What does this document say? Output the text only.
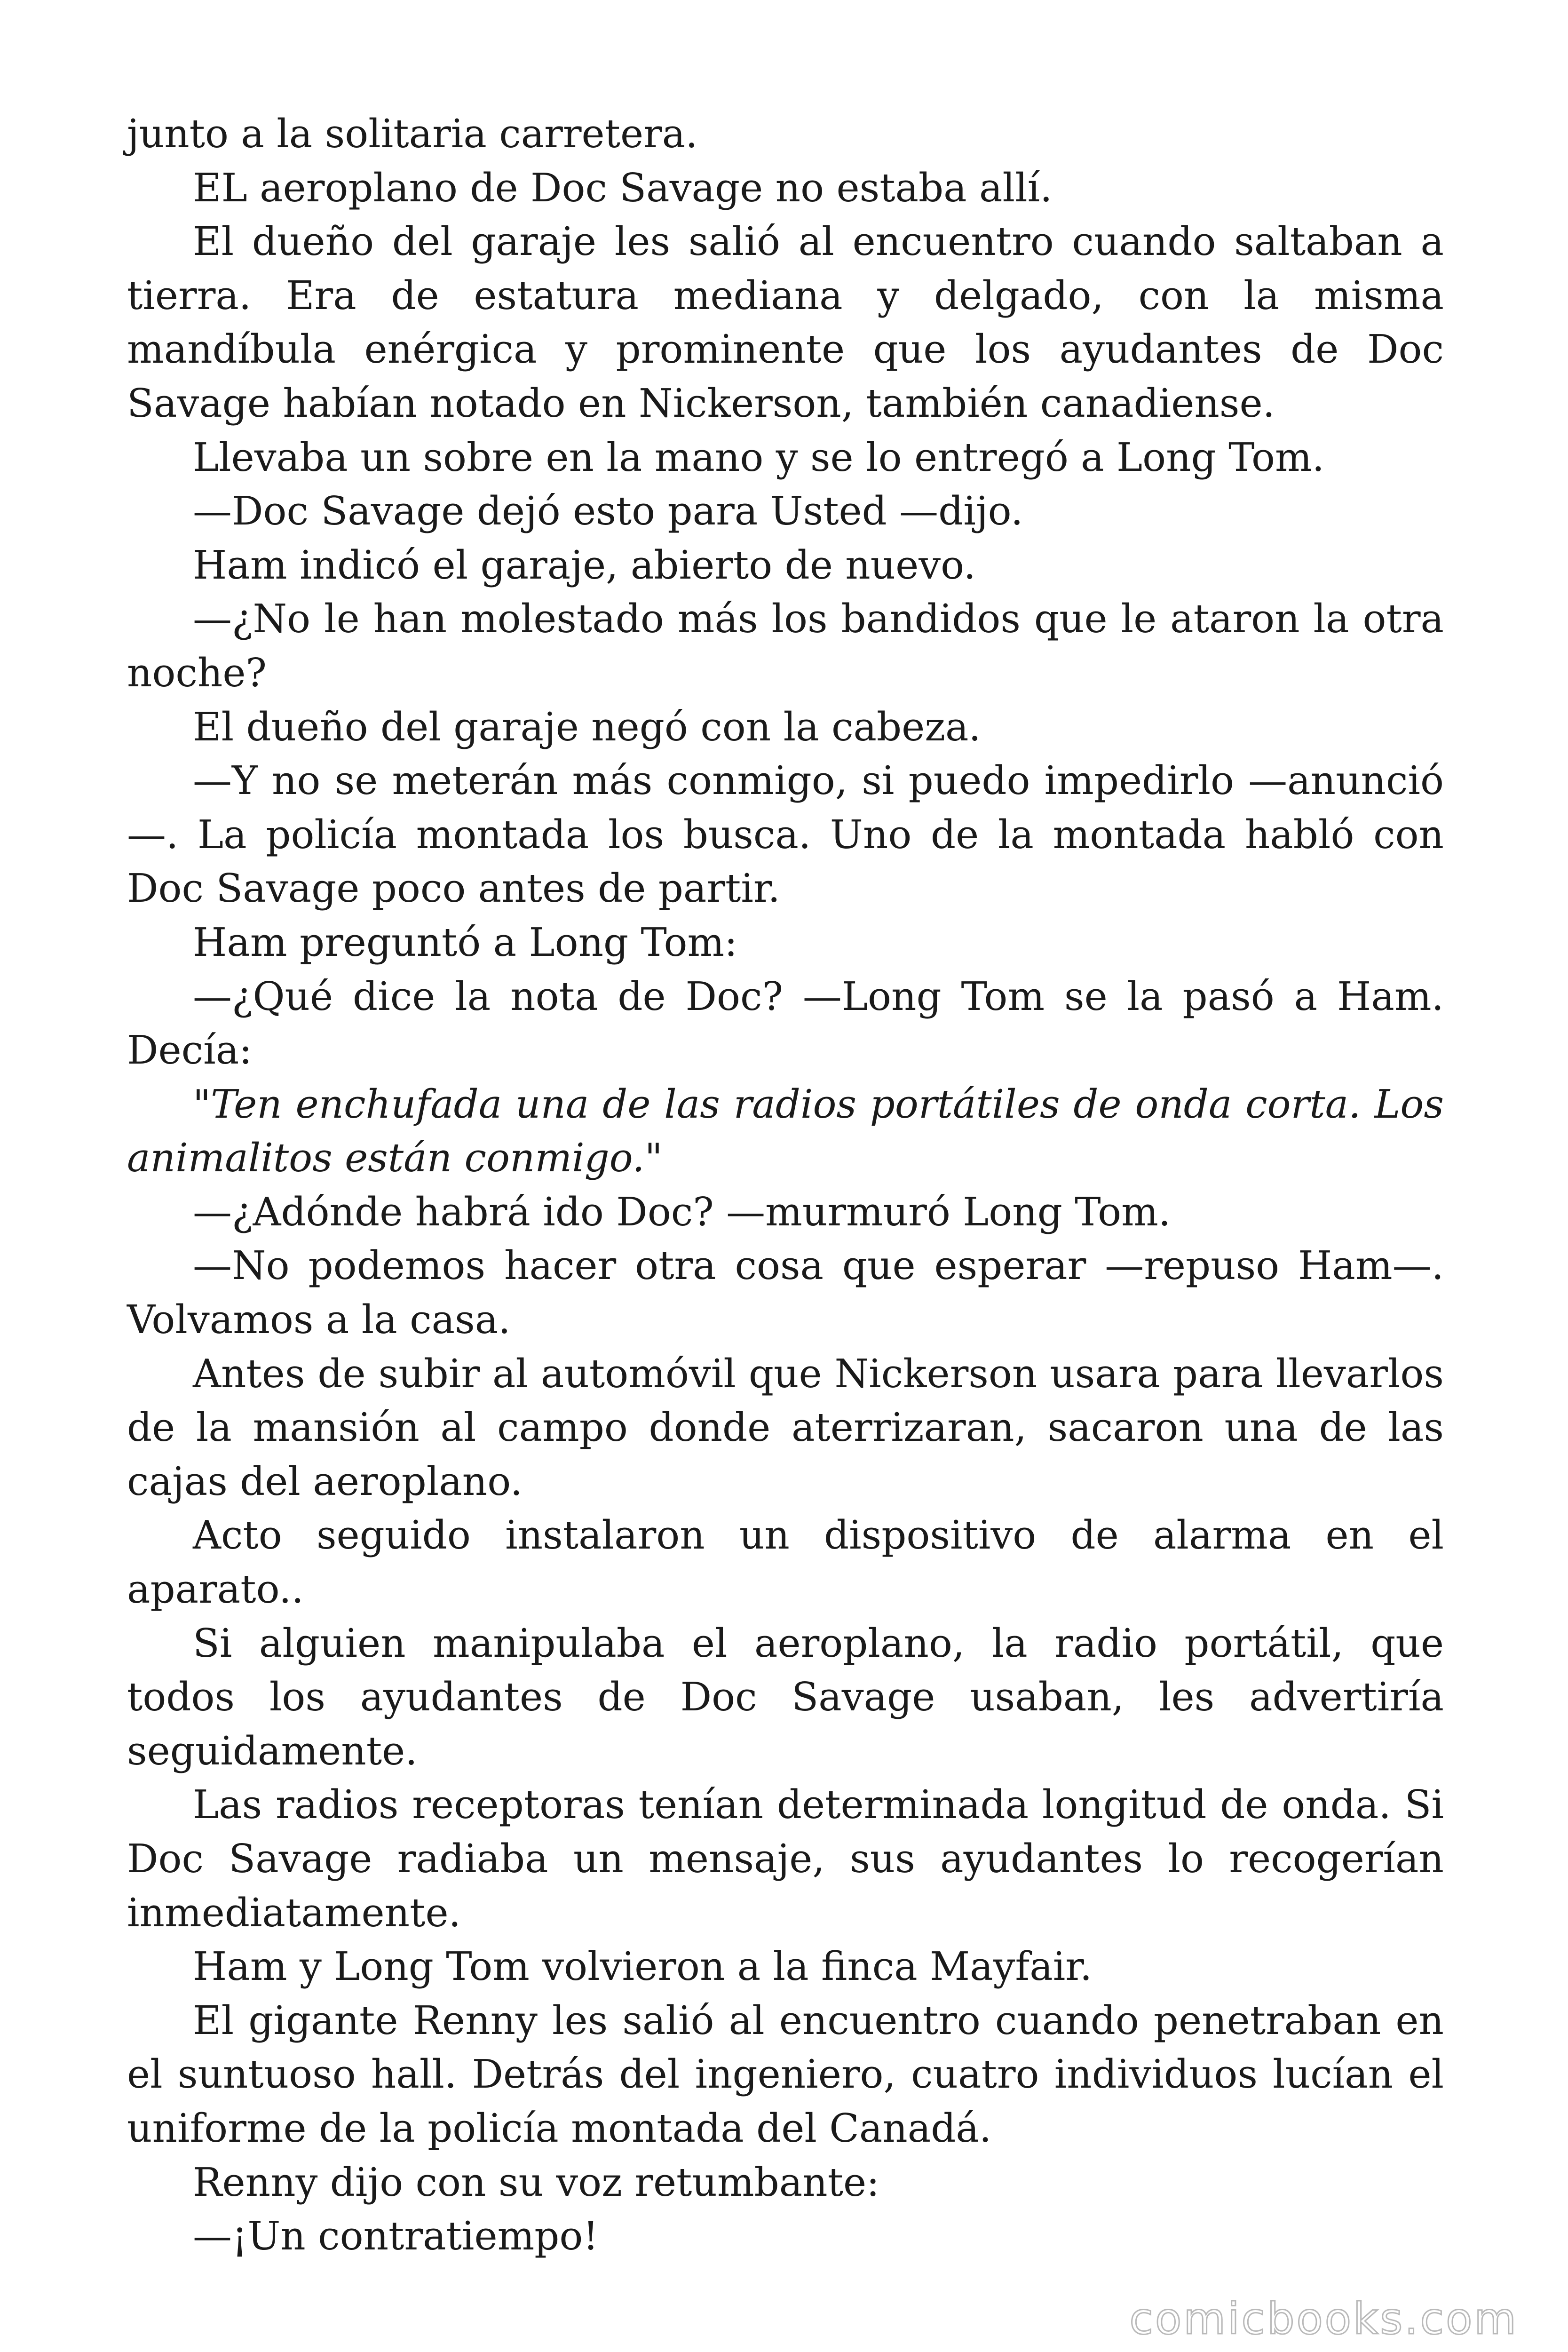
junto a la solitaria carretera.

EL aeroplano de Doc Savage no estaba allí.

El dueño del garaje les salió al encuentro cuando saltaban a tierra. Era de estatura mediana y delgado, con la misma mandíbula enérgica y prominente que los ayudantes de Doc Savage habían notado en Nickerson, también canadiense.

Llevaba un sobre en la mano y se lo entregó a Long Tom.

—Doc Savage dejó esto para Usted —dijo.

Ham indicó el garaje, abierto de nuevo.

—¿No le han molestado más los bandidos que le ataron la otra noche?

El dueño del garaje negó con la cabeza.

—Y no se meterán más conmigo, si puedo impedirlo —anunció —. La policía montada los busca. Uno de la montada habló con Doc Savage poco antes de partir.

Ham preguntó a Long Tom:

—¿Qué dice la nota de Doc? —Long Tom se la pasó a Ham. Decía:

"Ten enchufada una de las radios portátiles de onda corta. Los animalitos están conmigo."

—¿Adónde habrá ido Doc? —murmuró Long Tom.

—No podemos hacer otra cosa que esperar —repuso Ham—. Volvamos a la casa.

Antes de subir al automóvil que Nickerson usara para llevarlos de la mansión al campo donde aterrizaran, sacaron una de las cajas del aeroplano.

Acto seguido instalaron un dispositivo de alarma en el aparato..

Si alguien manipulaba el aeroplano, la radio portátil, que todos los ayudantes de Doc Savage usaban, les advertiría seguidamente.

Las radios receptoras tenían determinada longitud de onda. Si Doc Savage radiaba un mensaje, sus ayudantes lo recogerían inmediatamente.

Ham y Long Tom volvieron a la finca Mayfair.

El gigante Renny les salió al encuentro cuando penetraban en el suntuoso hall. Detrás del ingeniero, cuatro individuos lucían el uniforme de la policía montada del Canadá.

Renny dijo con su voz retumbante:

—¡Un contratiempo!

comicbooks.com
